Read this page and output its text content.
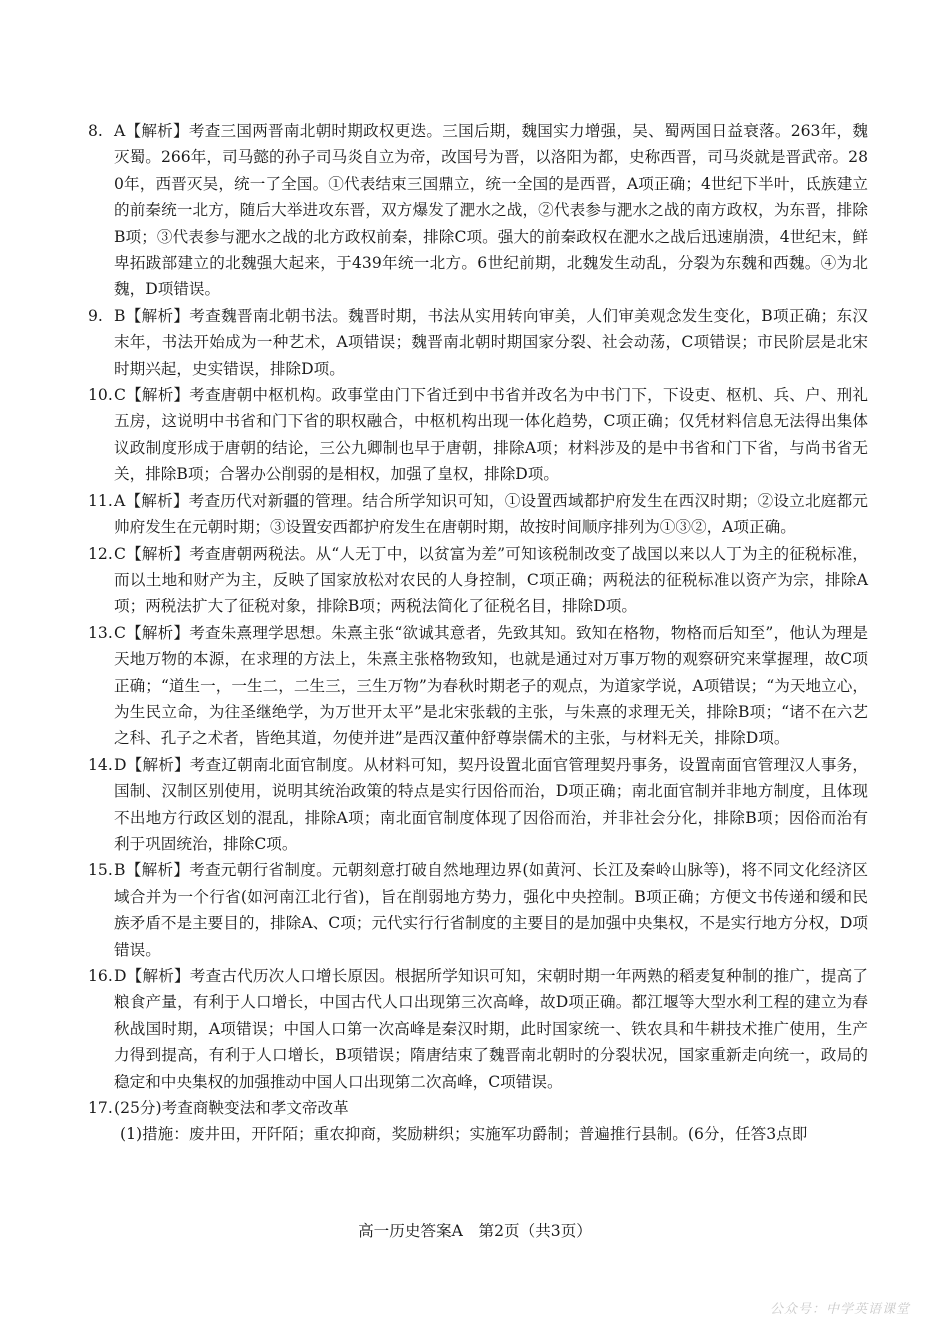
8. A【解析】考查三国两晋南北朝时期政权更迭。三国后期，魏国实力增强，吴、蜀两国日益衰落。263年，魏灭蜀。266年，司马懿的孙子司马炎自立为帝，改国号为晋，以洛阳为都，史称西晋，司马炎就是晋武帝。280年，西晋灭吴，统一了全国。①代表结束三国鼎立，统一全国的是西晋，A项正确；4世纪下半叶，氐族建立的前秦统一北方，随后大举进攻东晋，双方爆发了淝水之战，②代表参与淝水之战的南方政权，为东晋，排除B项；③代表参与淝水之战的北方政权前秦，排除C项。强大的前秦政权在淝水之战后迅速崩溃，4世纪末，鲜卑拓跋部建立的北魏强大起来，于439年统一北方。6世纪前期，北魏发生动乱，分裂为东魏和西魏。④为北魏，D项错误。

9. B【解析】考查魏晋南北朝书法。魏晋时期，书法从实用转向审美，人们审美观念发生变化，B项正确；东汉末年，书法开始成为一种艺术，A项错误；魏晋南北朝时期国家分裂、社会动荡，C项错误；市民阶层是北宋时期兴起，史实错误，排除D项。

10. C【解析】考查唐朝中枢机构。政事堂由门下省迁到中书省并改名为中书门下，下设吏、枢机、兵、户、刑礼五房，这说明中书省和门下省的职权融合，中枢机构出现一体化趋势，C项正确；仅凭材料信息无法得出集体议政制度形成于唐朝的结论，三公九卿制也早于唐朝，排除A项；材料涉及的是中书省和门下省，与尚书省无关，排除B项；合署办公削弱的是相权，加强了皇权，排除D项。

11. A【解析】考查历代对新疆的管理。结合所学知识可知，①设置西域都护府发生在西汉时期；②设立北庭都元帅府发生在元朝时期；③设置安西都护府发生在唐朝时期，故按时间顺序排列为①③②，A项正确。

12. C【解析】考查唐朝两税法。从“人无丁中，以贫富为差”可知该税制改变了战国以来以人丁为主的征税标准，而以土地和财产为主，反映了国家放松对农民的人身控制，C项正确；两税法的征税标准以资产为宗，排除A项；两税法扩大了征税对象，排除B项；两税法简化了征税名目，排除D项。

13. C【解析】考查朱熹理学思想。朱熹主张“欲诚其意者，先致其知。致知在格物，物格而后知至”，他认为理是天地万物的本源，在求理的方法上，朱熹主张格物致知，也就是通过对万事万物的观察研究来掌握理，故C项正确；“道生一，一生二，二生三，三生万物”为春秋时期老子的观点，为道家学说，A项错误；“为天地立心，为生民立命，为往圣继绝学，为万世开太平”是北宋张载的主张，与朱熹的求理无关，排除B项；“诸不在六艺之科、孔子之术者，皆绝其道，勿使并进”是西汉董仲舒尊崇儒术的主张，与材料无关，排除D项。

14. D【解析】考查辽朝南北面官制度。从材料可知，契丹设置北面官管理契丹事务，设置南面官管理汉人事务，国制、汉制区别使用，说明其统治政策的特点是实行因俗而治，D项正确；南北面官制并非地方制度，且体现不出地方行政区划的混乱，排除A项；南北面官制度体现了因俗而治，并非社会分化，排除B项；因俗而治有利于巩固统治，排除C项。

15. B【解析】考查元朝行省制度。元朝刻意打破自然地理边界(如黄河、长江及秦岭山脉等)，将不同文化经济区域合并为一个行省(如河南江北行省)，旨在削弱地方势力，强化中央控制。B项正确；方便文书传递和缓和民族矛盾不是主要目的，排除A、C项；元代实行行省制度的主要目的是加强中央集权，不是实行地方分权，D项错误。

16. D【解析】考查古代历次人口增长原因。根据所学知识可知，宋朝时期一年两熟的稻麦复种制的推广，提高了粮食产量，有利于人口增长，中国古代人口出现第三次高峰，故D项正确。都江堰等大型水利工程的建立为春秋战国时期，A项错误；中国人口第一次高峰是秦汉时期，此时国家统一、铁农具和牛耕技术推广使用，生产力得到提高，有利于人口增长，B项错误；隋唐结束了魏晋南北朝时的分裂状况，国家重新走向统一，政局的稳定和中央集权的加强推动中国人口出现第二次高峰，C项错误。

17. (25分)考查商鞅变法和孝文帝改革

(1)措施：废井田，开阡陌；重农抑商，奖励耕织；实施军功爵制；普遍推行县制。(6分，任答3点即

高一历史答案A　第2页（共3页）
公众号：中学英语课堂
